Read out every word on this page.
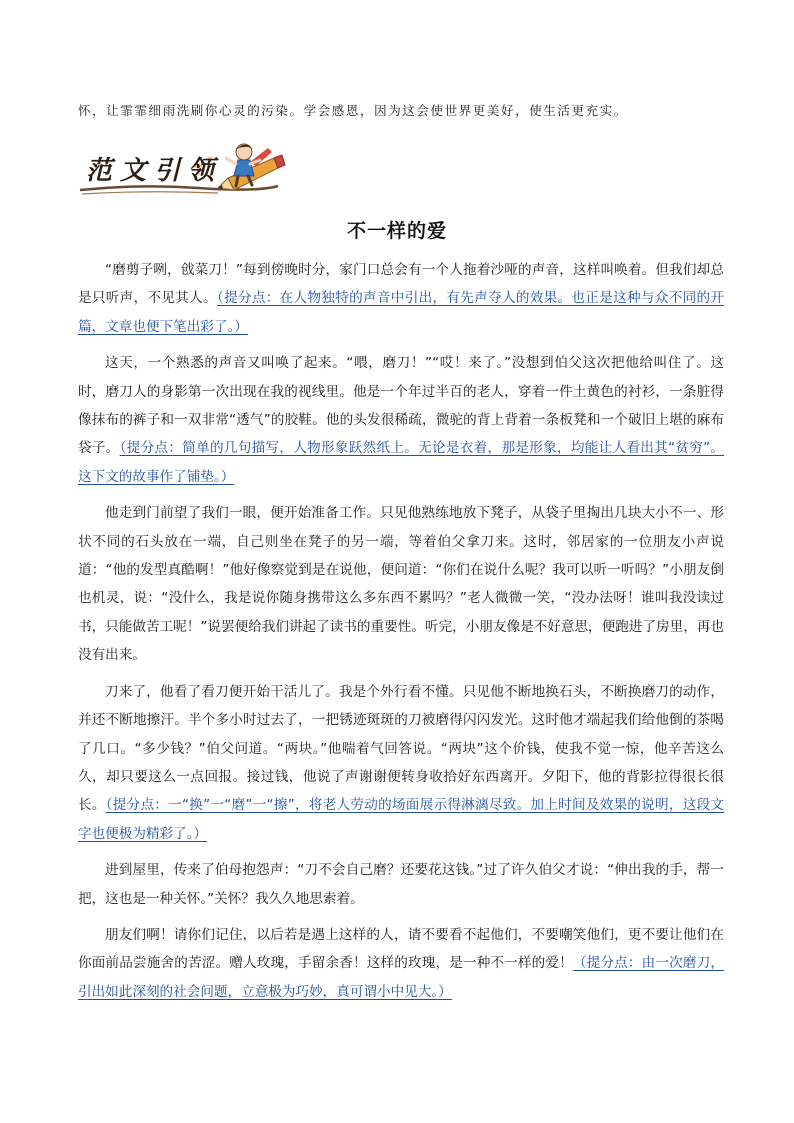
怀，让霏霏细雨洗刷你心灵的污染。学会感恩，因为这会使世界更美好，使生活更充实。
范文引领
不一样的爱

“磨剪子咧，戗菜刀！”每到傍晚时分，家门口总会有一个人拖着沙哑的声音，这样叫唤着。但我们却总是只听声，不见其人。（提分点：在人物独特的声音中引出，有先声夺人的效果。也正是这种与众不同的开篇，文章也便下笔出彩了。）

这天，一个熟悉的声音又叫唤了起来。“喂，磨刀！”“哎！来了。”没想到伯父这次把他给叫住了。这时，磨刀人的身影第一次出现在我的视线里。他是一个年过半百的老人，穿着一件土黄色的衬衫，一条脏得像抹布的裤子和一双非常“透气”的胶鞋。他的头发很稀疏，微驼的背上背着一条板凳和一个破旧上堪的麻布袋子。（提分点：简单的几句描写，人物形象跃然纸上。无论是衣着，那是形象，均能让人看出其“贫穷”。这下文的故事作了铺垫。）

他走到门前望了我们一眼，便开始准备工作。只见他熟练地放下凳子，从袋子里掏出几块大小不一、形状不同的石头放在一端，自己则坐在凳子的另一端，等着伯父拿刀来。这时，邻居家的一位朋友小声说道：“他的发型真酷啊！”他好像察觉到是在说他，便问道：“你们在说什么呢？我可以听一听吗？”小朋友倒也机灵，说：“没什么，我是说你随身携带这么多东西不累吗？”老人微微一笑，“没办法呀！谁叫我没读过书，只能做苦工呢！”说罢便给我们讲起了读书的重要性。听完，小朋友像是不好意思，便跑进了房里，再也没有出来。

刀来了，他看了看刀便开始干活儿了。我是个外行看不懂。只见他不断地换石头，不断换磨刀的动作，并还不断地擦汗。半个多小时过去了，一把锈迹斑斑的刀被磨得闪闪发光。这时他才端起我们给他倒的茶喝了几口。“多少钱？”伯父问道。“两块。”他喘着气回答说。“两块”这个价钱，使我不觉一惊，他辛苦这么久，却只要这么一点回报。接过钱，他说了声谢谢便转身收拾好东西离开。夕阳下，他的背影拉得很长很长。（提分点：一“换”一“磨”一“擦”，将老人劳动的场面展示得淋漓尽致。加上时间及效果的说明，这段文字也便极为精彩了。）

进到屋里，传来了伯母抱怨声：“刀不会自己磨？还要花这钱。”过了许久伯父才说：“伸出我的手，帮一把，这也是一种关怀。”关怀？我久久地思索着。

朋友们啊！请你们记住，以后若是遇上这样的人，请不要看不起他们，不要嘲笑他们，更不要让他们在你面前品尝施舍的苦涩。赠人玫瑰，手留余香！这样的玫瑰，是一种不一样的爱！（提分点：由一次磨刀，引出如此深刻的社会问题，立意极为巧妙，真可谓小中见大。）
